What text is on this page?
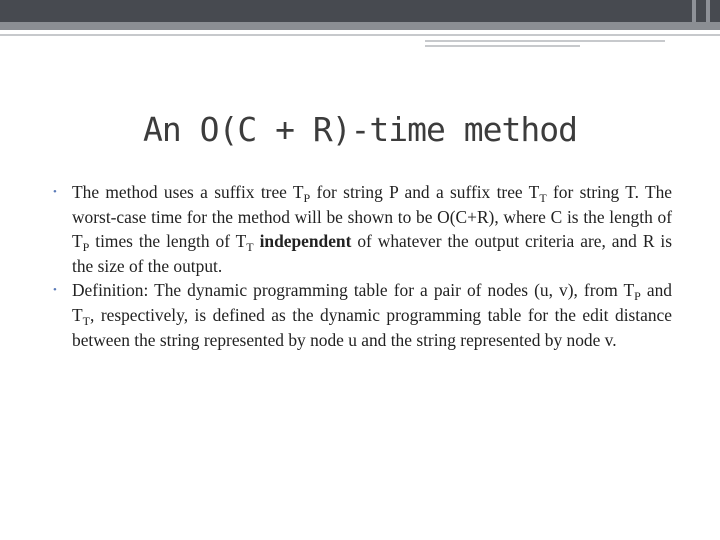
An O(C + R)-time method

• The method uses a suffix tree $T_P$ for string P and a suffix tree $T_T$ for string T. The worst-case time for the method will be shown to be O(C+R), where C is the length of $T_P$ times the length of $T_T$ independent of whatever the output criteria are, and R is the size of the output.

• Definition: The dynamic programming table for a pair of nodes (u, v), from $T_P$ and $T_T$, respectively, is defined as the dynamic programming table for the edit distance between the string represented by node u and the string represented by node v.
